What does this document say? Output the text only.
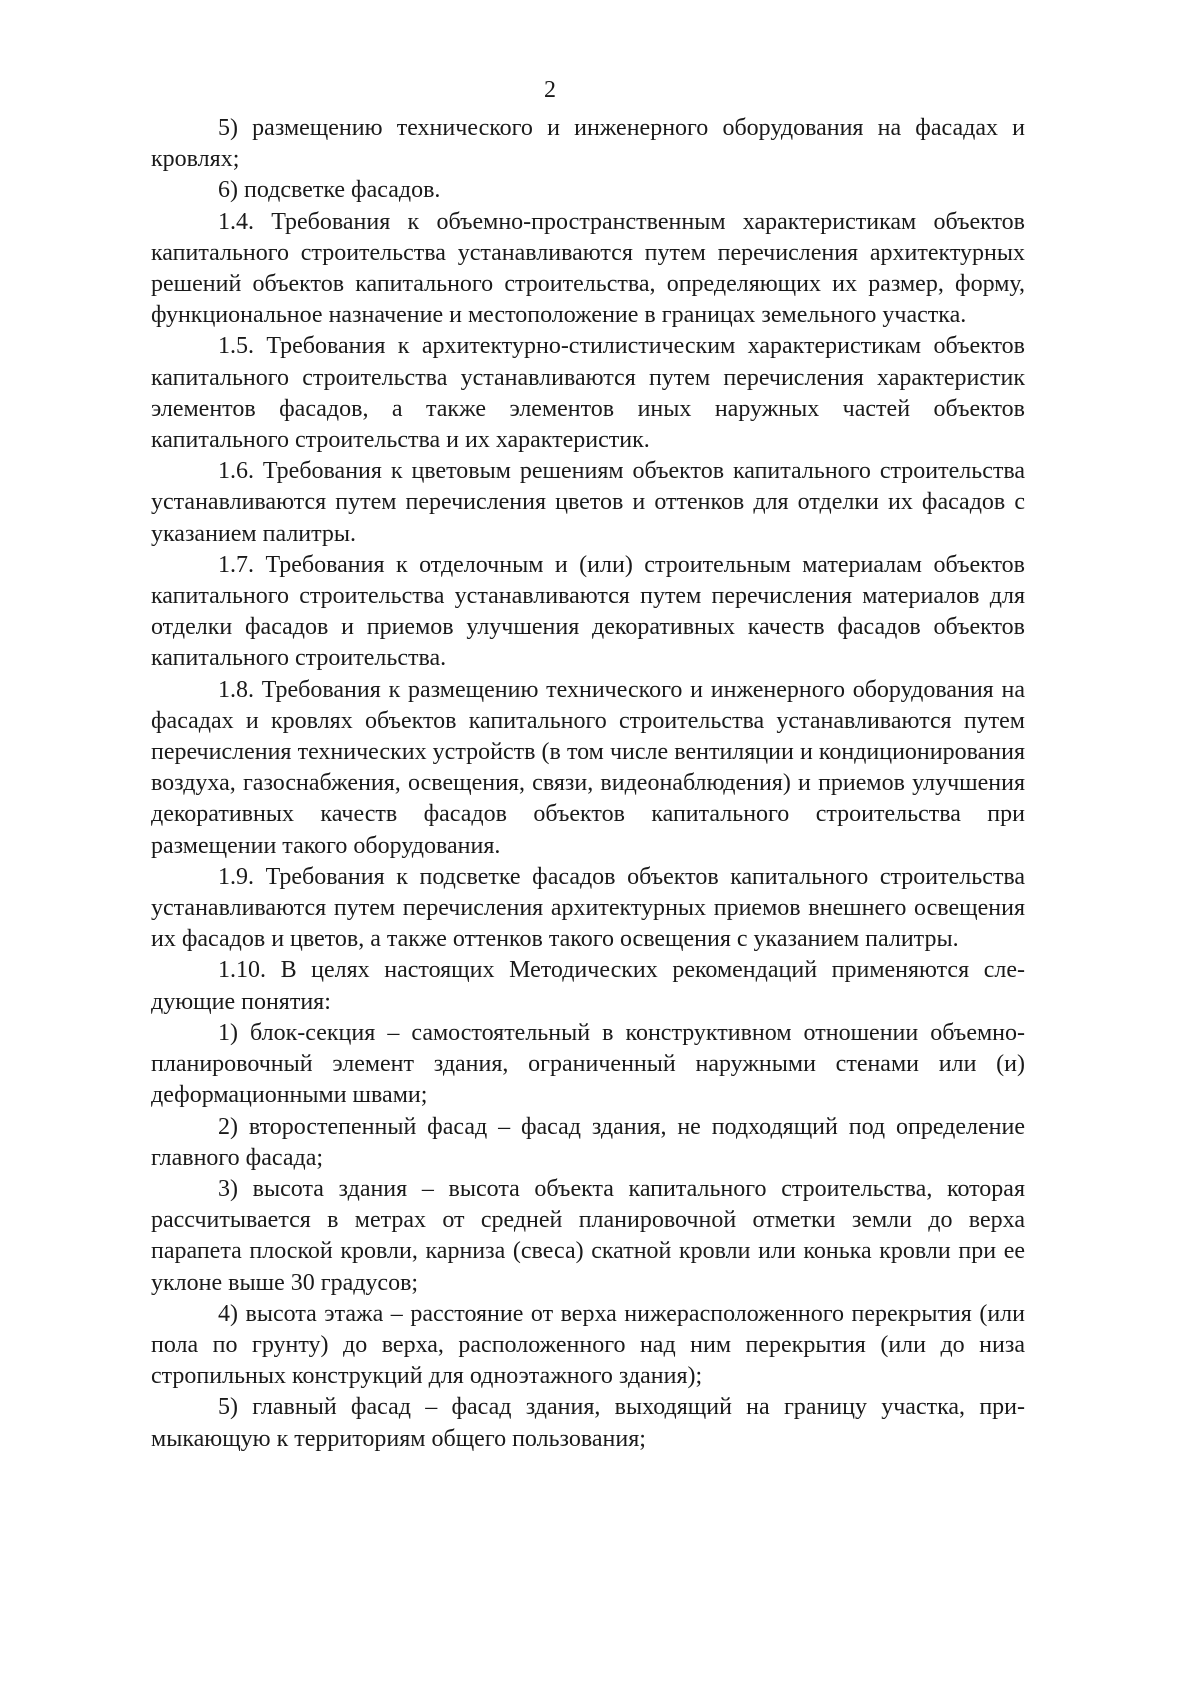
2

5) размещению технического и инженерного оборудования на фасадах и кровлях;

6) подсветке фасадов.

1.4. Требования к объемно-пространственным характеристикам объектов капитального строительства устанавливаются путем перечисления архитектурных решений объектов капитального строительства, определяющих их размер, форму, функциональное назначение и местоположение в границах земельного участка.

1.5. Требования к архитектурно-стилистическим характеристикам объектов капитального строительства устанавливаются путем перечисления характеристик элементов фасадов, а также элементов иных наружных частей объектов капитального строительства и их характеристик.

1.6. Требования к цветовым решениям объектов капитального строительства устанавливаются путем перечисления цветов и оттенков для отделки их фасадов с указанием палитры.

1.7. Требования к отделочным и (или) строительным материалам объектов капитального строительства устанавливаются путем перечисления материалов для отделки фасадов и приемов улучшения декоративных качеств фасадов объектов капитального строительства.

1.8. Требования к размещению технического и инженерного оборудования на фасадах и кровлях объектов капитального строительства устанавливаются путем перечисления технических устройств (в том числе вентиляции и кондиционирования воздуха, газоснабжения, освещения, связи, видеонаблюдения) и приемов улучшения декоративных качеств фасадов объектов капитального строительства при размещении такого оборудования.

1.9. Требования к подсветке фасадов объектов капитального строительства устанавливаются путем перечисления архитектурных приемов внешнего освещения их фасадов и цветов, а также оттенков такого освещения с указанием палитры.

1.10. В целях настоящих Методических рекомендаций применяются следующие понятия:

1) блок-секция – самостоятельный в конструктивном отношении объемно-планировочный элемент здания, ограниченный наружными стенами или (и) деформационными швами;

2) второстепенный фасад – фасад здания, не подходящий под определение главного фасада;

3) высота здания – высота объекта капитального строительства, которая рассчитывается в метрах от средней планировочной отметки земли до верха парапета плоской кровли, карниза (свеса) скатной кровли или конька кровли при ее уклоне выше 30 градусов;

4) высота этажа – расстояние от верха нижерасположенного перекрытия (или пола по грунту) до верха, расположенного над ним перекрытия (или до низа стропильных конструкций для одноэтажного здания);

5) главный фасад – фасад здания, выходящий на границу участка, примыкающую к территориям общего пользования;
